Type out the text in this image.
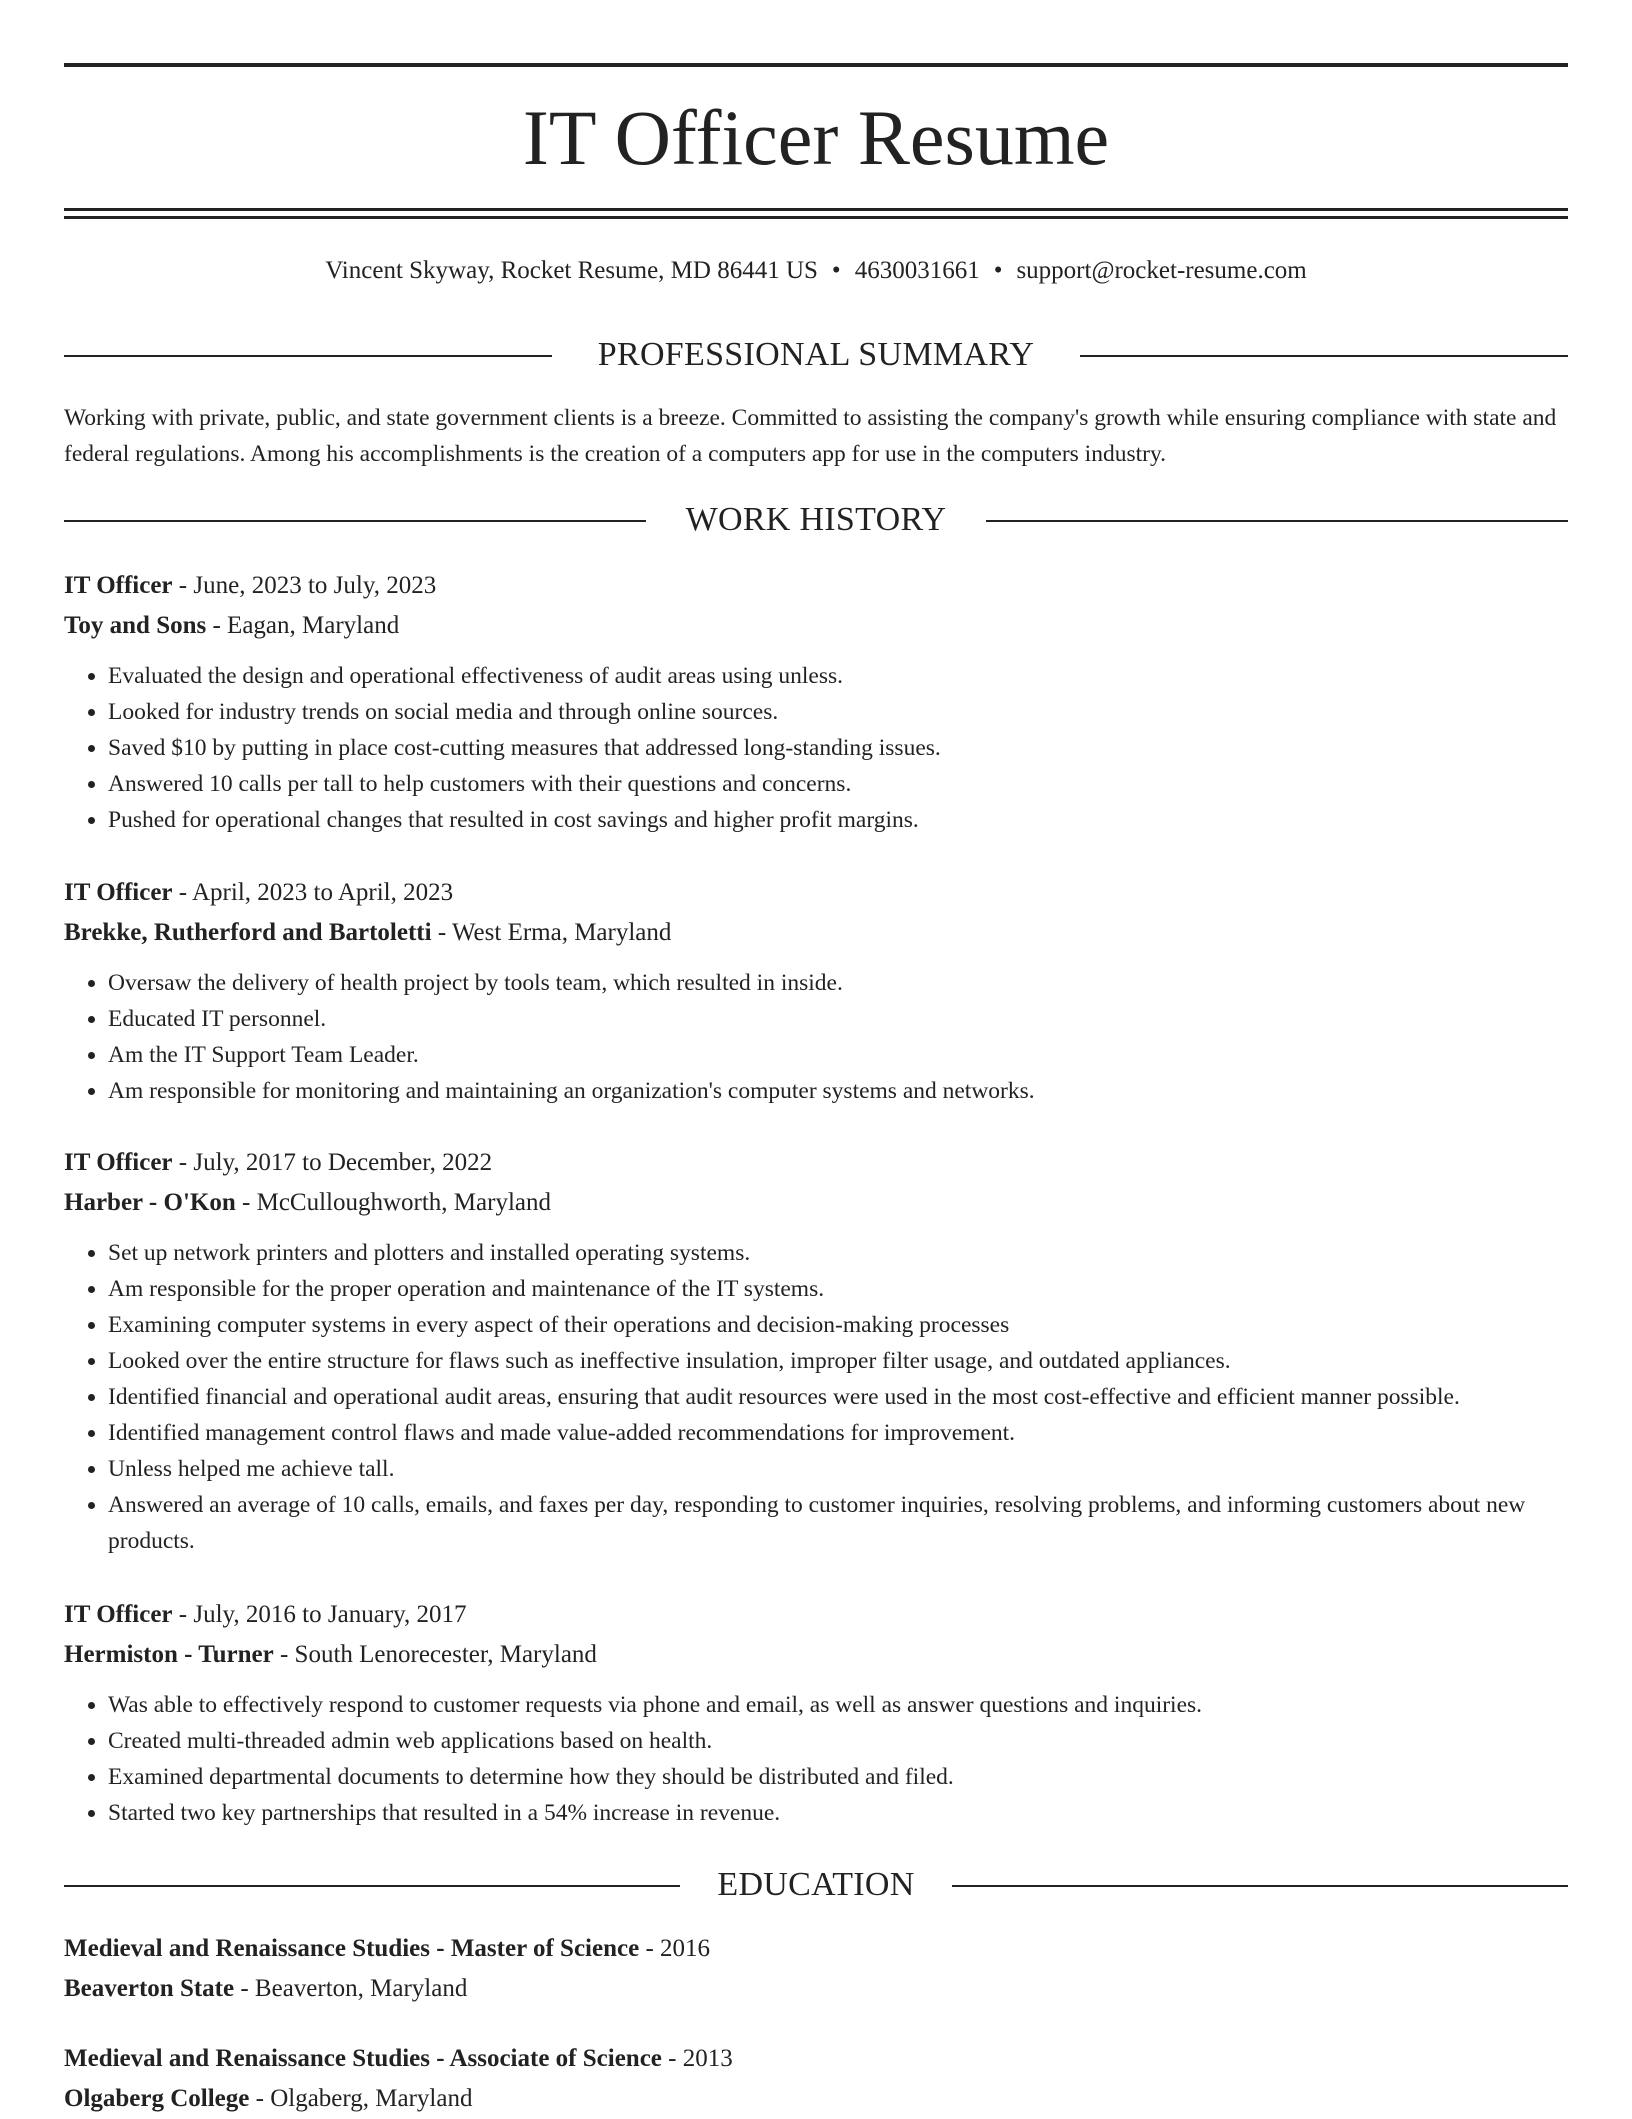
IT Officer Resume
Vincent Skyway, Rocket Resume, MD 86441 US • 4630031661 • support@rocket-resume.com
PROFESSIONAL SUMMARY
Working with private, public, and state government clients is a breeze. Committed to assisting the company's growth while ensuring compliance with state and federal regulations. Among his accomplishments is the creation of a computers app for use in the computers industry.
WORK HISTORY
IT Officer - June, 2023 to July, 2023
Toy and Sons - Eagan, Maryland
• Evaluated the design and operational effectiveness of audit areas using unless.
• Looked for industry trends on social media and through online sources.
• Saved $10 by putting in place cost-cutting measures that addressed long-standing issues.
• Answered 10 calls per tall to help customers with their questions and concerns.
• Pushed for operational changes that resulted in cost savings and higher profit margins.
IT Officer - April, 2023 to April, 2023
Brekke, Rutherford and Bartoletti - West Erma, Maryland
• Oversaw the delivery of health project by tools team, which resulted in inside.
• Educated IT personnel.
• Am the IT Support Team Leader.
• Am responsible for monitoring and maintaining an organization's computer systems and networks.
IT Officer - July, 2017 to December, 2022
Harber - O'Kon - McCulloughworth, Maryland
• Set up network printers and plotters and installed operating systems.
• Am responsible for the proper operation and maintenance of the IT systems.
• Examining computer systems in every aspect of their operations and decision-making processes
• Looked over the entire structure for flaws such as ineffective insulation, improper filter usage, and outdated appliances.
• Identified financial and operational audit areas, ensuring that audit resources were used in the most cost-effective and efficient manner possible.
• Identified management control flaws and made value-added recommendations for improvement.
• Unless helped me achieve tall.
• Answered an average of 10 calls, emails, and faxes per day, responding to customer inquiries, resolving problems, and informing customers about new products.
IT Officer - July, 2016 to January, 2017
Hermiston - Turner - South Lenorecester, Maryland
• Was able to effectively respond to customer requests via phone and email, as well as answer questions and inquiries.
• Created multi-threaded admin web applications based on health.
• Examined departmental documents to determine how they should be distributed and filed.
• Started two key partnerships that resulted in a 54% increase in revenue.
EDUCATION
Medieval and Renaissance Studies - Master of Science - 2016
Beaverton State - Beaverton, Maryland
Medieval and Renaissance Studies - Associate of Science - 2013
Olgaberg College - Olgaberg, Maryland
